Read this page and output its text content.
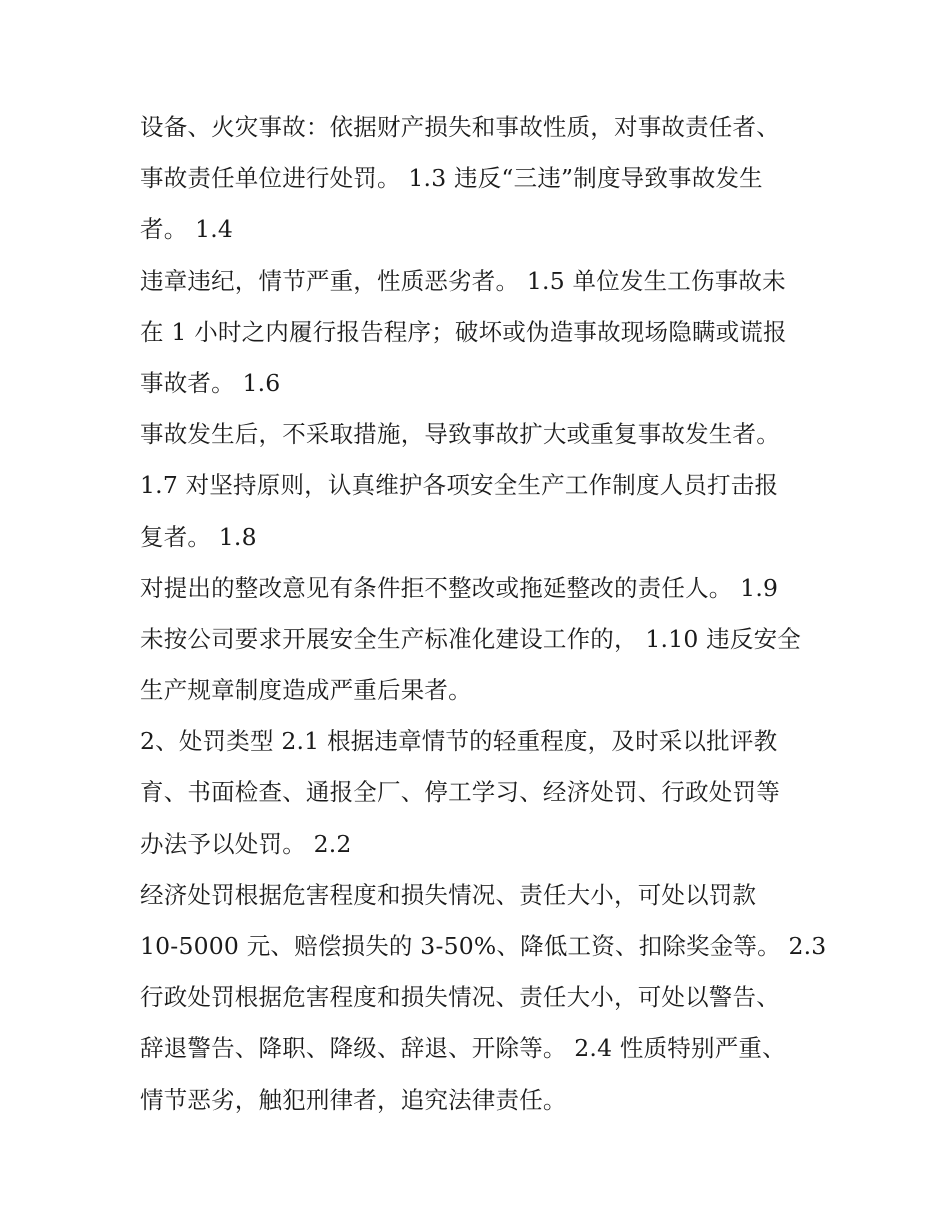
设备、火灾事故：依据财产损失和事故性质，对事故责任者、
事故责任单位进行处罚。 1.3 违反“三违”制度导致事故发生
者。 1.4
违章违纪，情节严重，性质恶劣者。 1.5 单位发生工伤事故未
在 1 小时之内履行报告程序；破坏或伪造事故现场隐瞒或谎报
事故者。 1.6
事故发生后，不采取措施，导致事故扩大或重复事故发生者。
1.7 对坚持原则，认真维护各项安全生产工作制度人员打击报
复者。 1.8
对提出的整改意见有条件拒不整改或拖延整改的责任人。 1.9
未按公司要求开展安全生产标准化建设工作的， 1.10 违反安全
生产规章制度造成严重后果者。
2、处罚类型 2.1 根据违章情节的轻重程度，及时采以批评教
育、书面检查、通报全厂、停工学习、经济处罚、行政处罚等
办法予以处罚。 2.2
经济处罚根据危害程度和损失情况、责任大小，可处以罚款
10-5000 元、赔偿损失的 3-50%、降低工资、扣除奖金等。 2.3
行政处罚根据危害程度和损失情况、责任大小，可处以警告、
辞退警告、降职、降级、辞退、开除等。 2.4 性质特别严重、
情节恶劣，触犯刑律者，追究法律责任。
